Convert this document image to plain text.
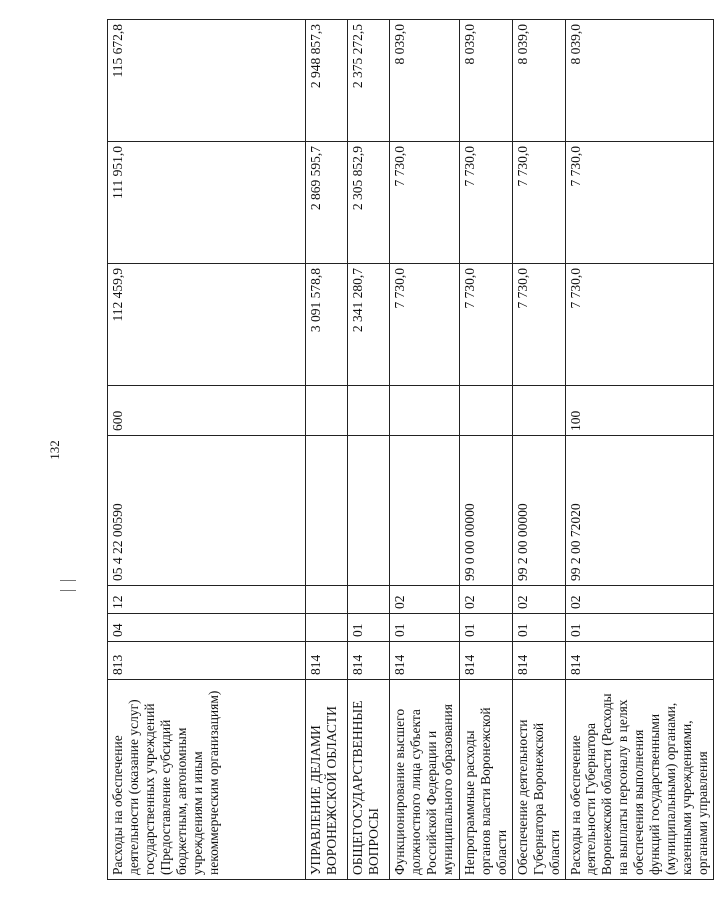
132
Расходы на обеспечение деятельности (оказание услуг) государственных учреждений (Предоставление субсидий бюджетным, автономным учреждениям и иным некоммерческим организациям)	813	04	12	05 4 22 00590	600	112 459,9	111 951,0	115 672,8
УПРАВЛЕНИЕ ДЕЛАМИ ВОРОНЕЖСКОЙ ОБЛАСТИ	814					3 091 578,8	2 869 595,7	2 948 857,3
ОБЩЕГОСУДАРСТВЕННЫЕ ВОПРОСЫ	814	01				2 341 280,7	2 305 852,9	2 375 272,5
Функционирование высшего должностного лица субъекта Российской Федерации и муниципального образования	814	01	02			7 730,0	7 730,0	8 039,0
Непрограммные расходы органов власти Воронежской области	814	01	02	99 0 00 00000		7 730,0	7 730,0	8 039,0
Обеспечение деятельности Губернатора Воронежской области	814	01	02	99 2 00 00000		7 730,0	7 730,0	8 039,0
Расходы на обеспечение деятельности Губернатора Воронежской области (Расходы на выплаты персоналу в целях обеспечения выполнения функций государственными (муниципальными) органами, казенными учреждениями, органами управления	814	01	02	99 2 00 72020	100	7 730,0	7 730,0	8 039,0
